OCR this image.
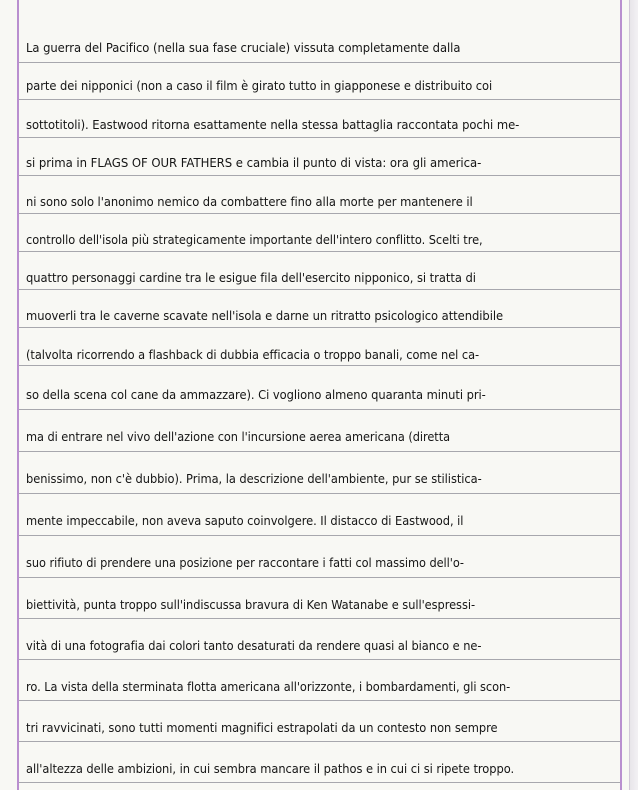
La guerra del Pacifico (nella sua fase cruciale) vissuta completamente dalla
parte dei nipponici (non a caso il film è girato tutto in giapponese e distribuito coi
sottotitoli). Eastwood ritorna esattamente nella stessa battaglia raccontata pochi me-
si prima in FLAGS OF OUR FATHERS e cambia il punto di vista: ora gli america-
ni sono solo l'anonimo nemico da combattere fino alla morte per mantenere il
controllo dell'isola più strategicamente importante dell'intero conflitto. Scelti tre,
quattro personaggi cardine tra le esigue fila dell'esercito nipponico, si tratta di
muoverli tra le caverne scavate nell'isola e darne un ritratto psicologico attendibile
(talvolta ricorrendo a flashback di dubbia efficacia o troppo banali, come nel ca-
so della scena col cane da ammazzare). Ci vogliono almeno quaranta minuti pri-
ma di entrare nel vivo dell'azione con l'incursione aerea americana (diretta
benissimo, non c'è dubbio). Prima, la descrizione dell'ambiente, pur se stilistica-
mente impeccabile, non aveva saputo coinvolgere. Il distacco di Eastwood, il
suo rifiuto di prendere una posizione per raccontare i fatti col massimo dell'o-
biettività, punta troppo sull'indiscussa bravura di Ken Watanabe e sull'espressi-
vità di una fotografia dai colori tanto desaturati da rendere quasi al bianco e ne-
ro. La vista della sterminata flotta americana all'orizzonte, i bombardamenti, gli scon-
tri ravvicinati, sono tutti momenti magnifici estrapolati da un contesto non sempre
all'altezza delle ambizioni, in cui sembra mancare il pathos e in cui ci si ripete troppo.
